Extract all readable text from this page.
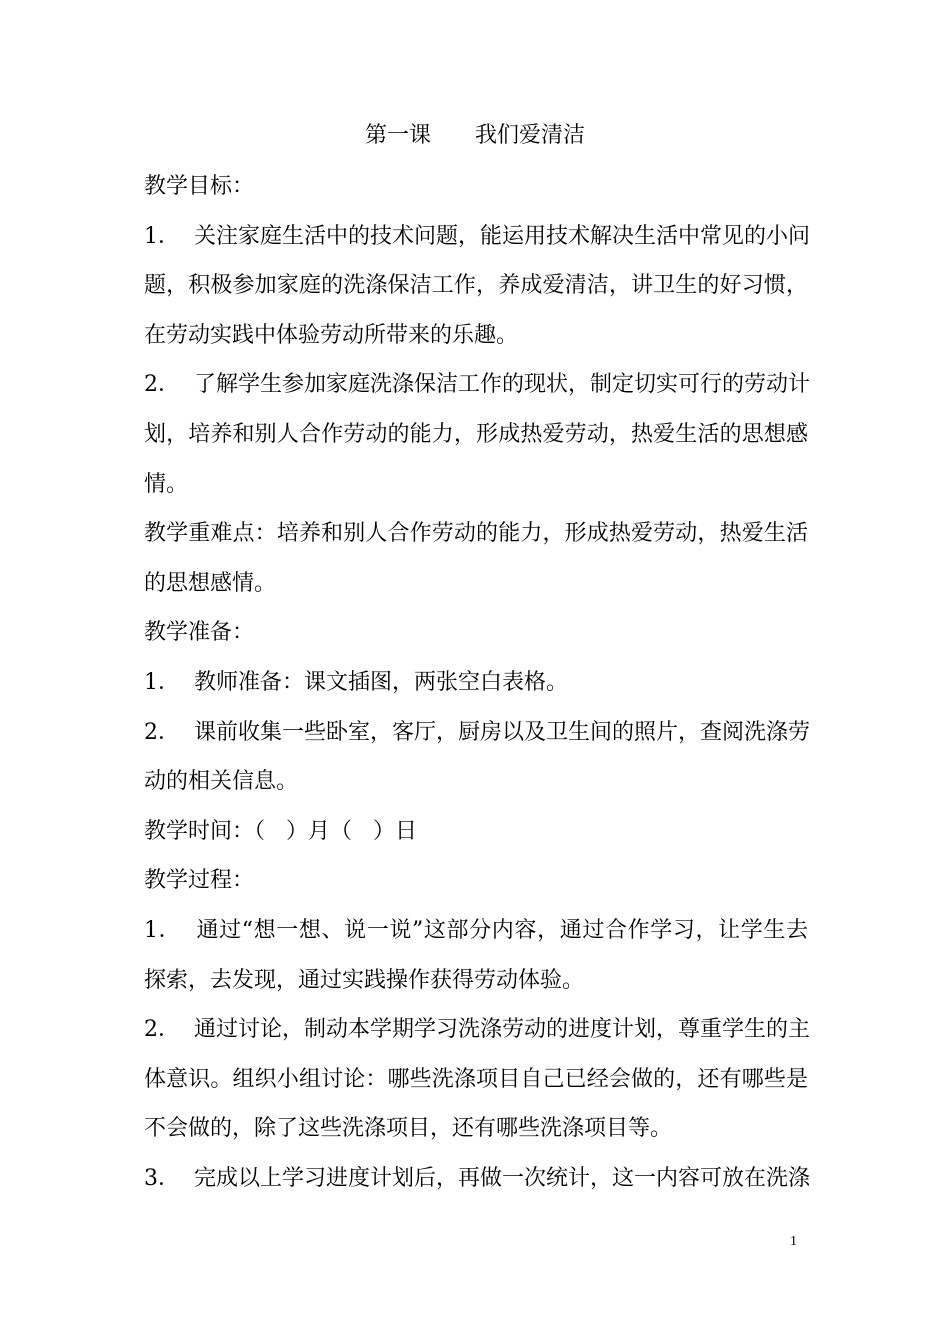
第一课　　我们爱清洁
教学目标：
1．  关注家庭生活中的技术问题，能运用技术解决生活中常见的小问
题，积极参加家庭的洗涤保洁工作，养成爱清洁，讲卫生的好习惯，
在劳动实践中体验劳动所带来的乐趣。
2．  了解学生参加家庭洗涤保洁工作的现状，制定切实可行的劳动计
划，培养和别人合作劳动的能力，形成热爱劳动，热爱生活的思想感
情。
教学重难点：培养和别人合作劳动的能力，形成热爱劳动，热爱生活
的思想感情。
教学准备：
1．  教师准备：课文插图，两张空白表格。
2．  课前收集一些卧室，客厅，厨房以及卫生间的照片，查阅洗涤劳
动的相关信息。
教学时间：（   ）月（   ）日
教学过程：
1．  通过“想一想、说一说”这部分内容，通过合作学习，让学生去
探索，去发现，通过实践操作获得劳动体验。
2．  通过讨论，制动本学期学习洗涤劳动的进度计划，尊重学生的主
体意识。组织小组讨论：哪些洗涤项目自己已经会做的，还有哪些是
不会做的，除了这些洗涤项目，还有哪些洗涤项目等。
3．  完成以上学习进度计划后，再做一次统计，这一内容可放在洗涤
1
